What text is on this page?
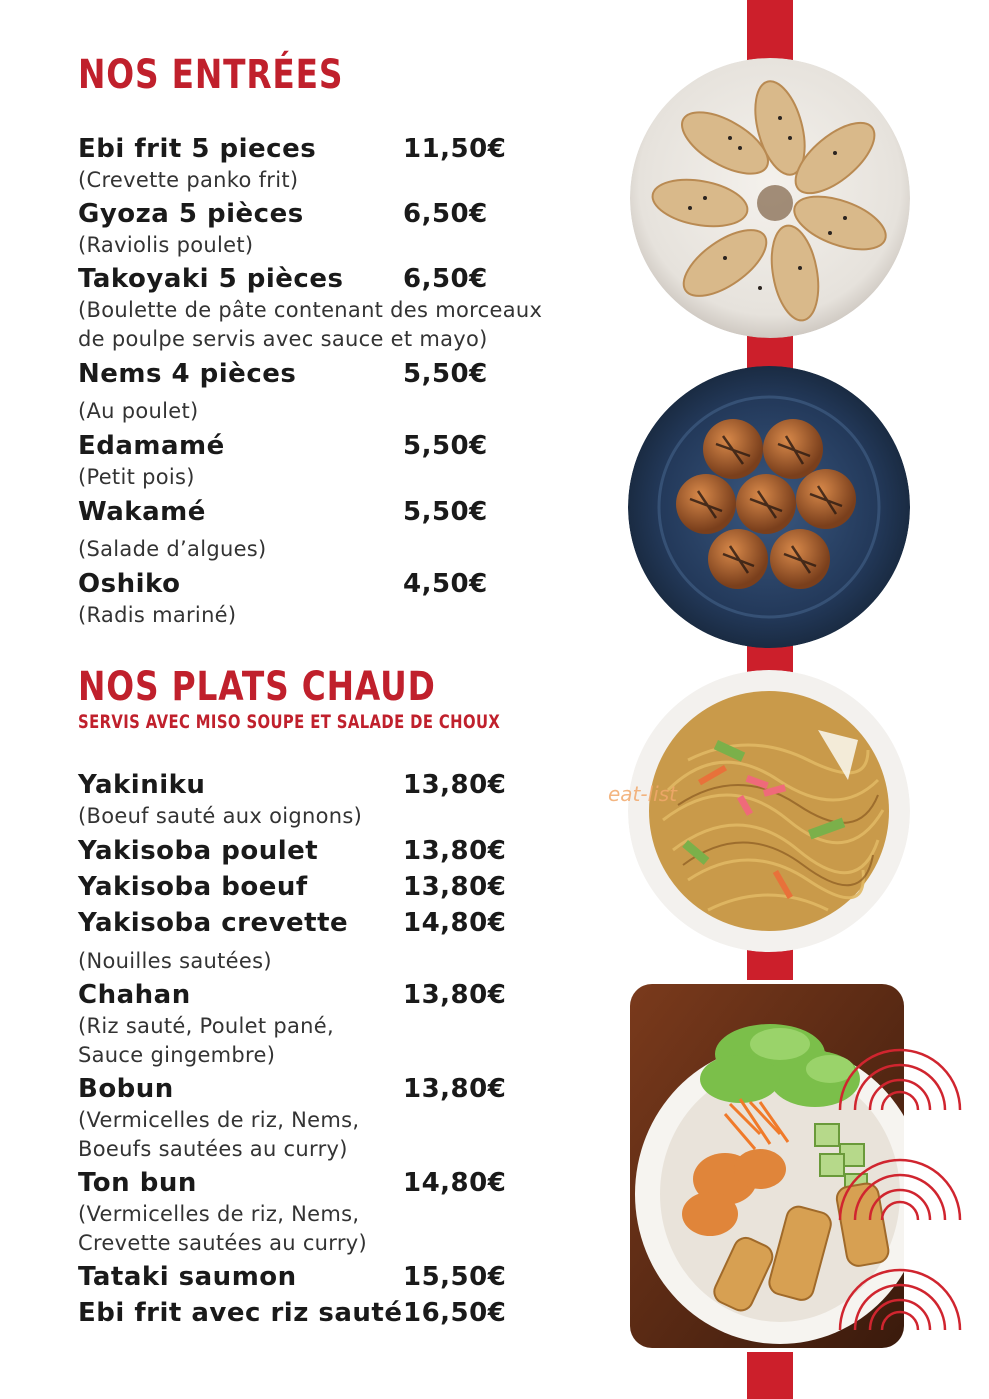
NOS ENTRÉES
Ebi frit 5 pieces	11,50€
(Crevette panko frit)
Gyoza 5 pièces	6,50€
(Raviolis poulet)
Takoyaki 5 pièces 6,50€
(Boulette de pâte contenant des morceaux
de poulpe servis avec sauce et mayo)
Nems 4 pièces	5,50€
(Au poulet)
Edamamé	5,50€
(Petit pois)
Wakamé	5,50€
(Salade d’algues)
Oshiko	4,50€
(Radis mariné)
NOS PLATS CHAUD
SERVIS AVEC MISO SOUPE ET SALADE DE CHOUX
Yakiniku	13,80€
(Boeuf sauté aux oignons)
Yakisoba poulet	13,80€
Yakisoba boeuf	13,80€
Yakisoba crevette 14,80€
(Nouilles sautées)
Chahan	13,80€
(Riz sauté, Poulet pané,
Sauce gingembre)
Bobun	13,80€
(Vermicelles de riz, Nems,
Boeufs sautées au curry)
Ton bun	14,80€
(Vermicelles de riz, Nems,
Crevette sautées au curry)
Tataki saumon	15,50€
Ebi frit avec riz sauté 16,50€
eat-list
